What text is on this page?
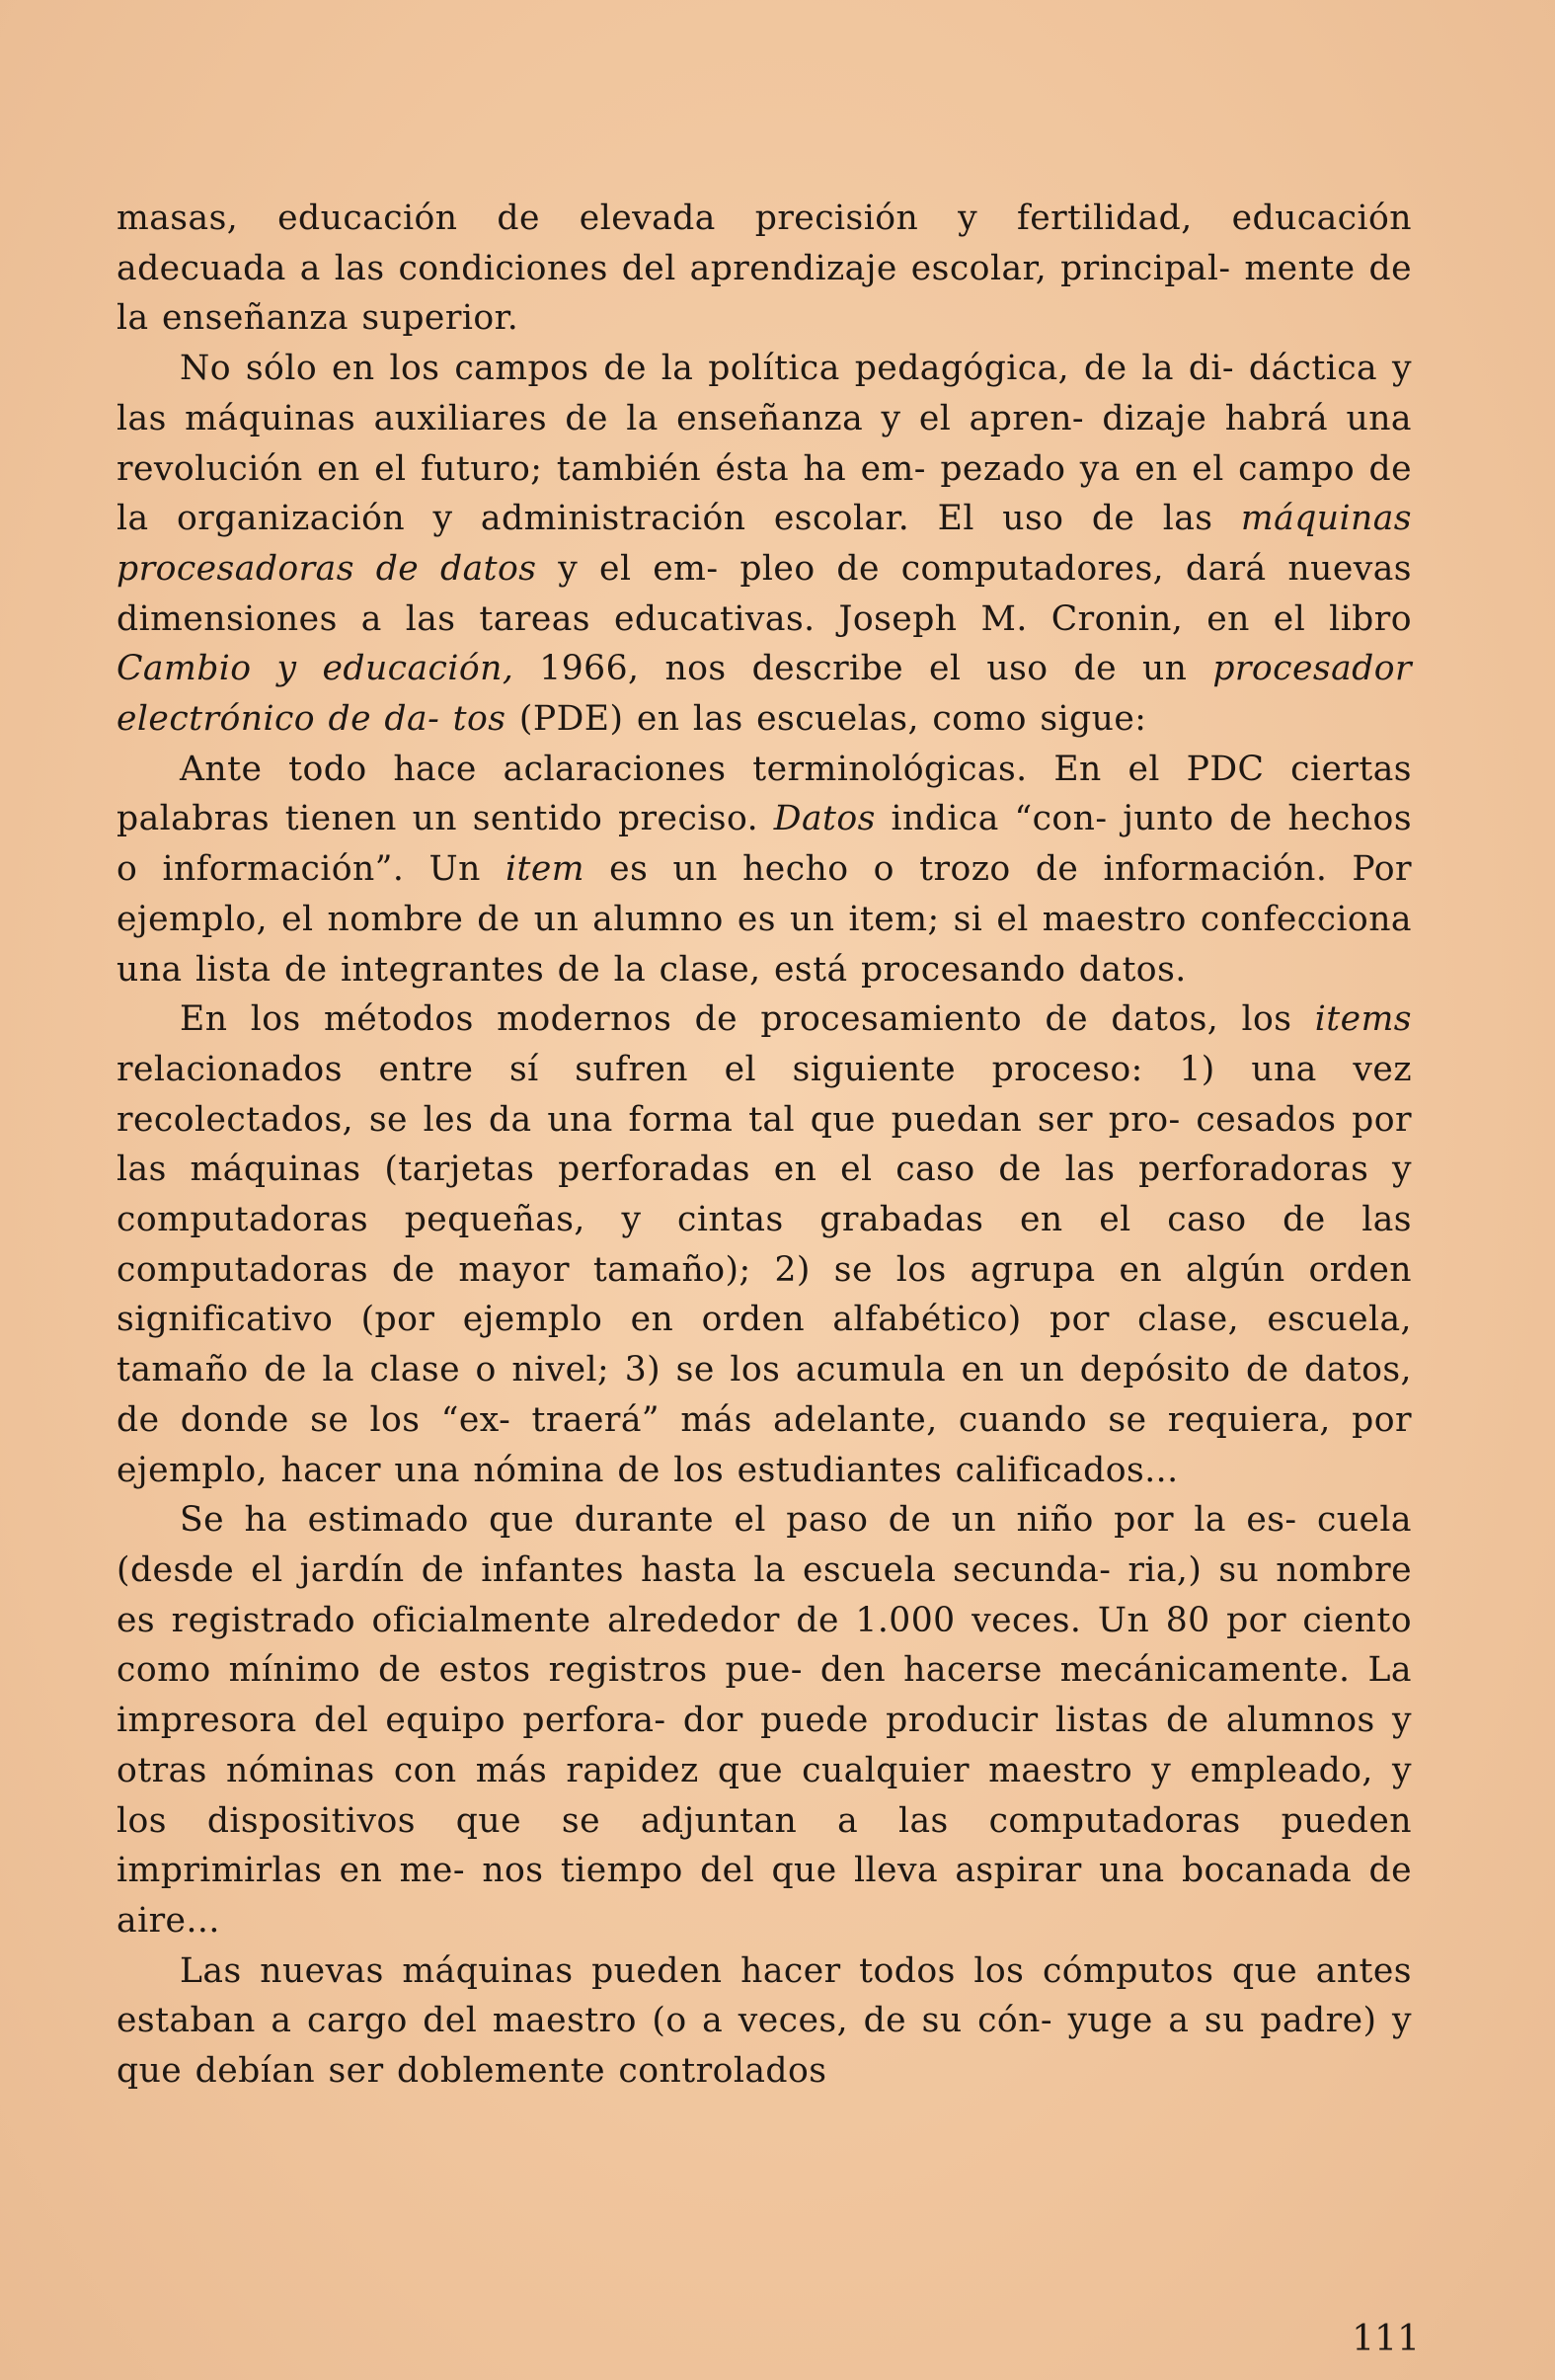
masas, educación de elevada precisión y fertilidad, educación adecuada a las condiciones del aprendizaje escolar, principal- mente de la enseñanza superior.

No sólo en los campos de la política pedagógica, de la di- dáctica y las máquinas auxiliares de la enseñanza y el apren- dizaje habrá una revolución en el futuro; también ésta ha em- pezado ya en el campo de la organización y administración escolar. El uso de las máquinas procesadoras de datos y el em- pleo de computadores, dará nuevas dimensiones a las tareas educativas. Joseph M. Cronin, en el libro Cambio y educación, 1966, nos describe el uso de un procesador electrónico de da- tos (PDE) en las escuelas, como sigue:

Ante todo hace aclaraciones terminológicas. En el PDC ciertas palabras tienen un sentido preciso. Datos indica “con- junto de hechos o información”. Un item es un hecho o trozo de información. Por ejemplo, el nombre de un alumno es un item; si el maestro confecciona una lista de integrantes de la clase, está procesando datos.

En los métodos modernos de procesamiento de datos, los items relacionados entre sí sufren el siguiente proceso: 1) una vez recolectados, se les da una forma tal que puedan ser pro- cesados por las máquinas (tarjetas perforadas en el caso de las perforadoras y computadoras pequeñas, y cintas grabadas en el caso de las computadoras de mayor tamaño); 2) se los agrupa en algún orden significativo (por ejemplo en orden alfabético) por clase, escuela, tamaño de la clase o nivel; 3) se los acumula en un depósito de datos, de donde se los “ex- traerá” más adelante, cuando se requiera, por ejemplo, hacer una nómina de los estudiantes calificados...

Se ha estimado que durante el paso de un niño por la es- cuela (desde el jardín de infantes hasta la escuela secunda- ria,) su nombre es registrado oficialmente alrededor de 1.000 veces. Un 80 por ciento como mínimo de estos registros pue- den hacerse mecánicamente. La impresora del equipo perfora- dor puede producir listas de alumnos y otras nóminas con más rapidez que cualquier maestro y empleado, y los dispositivos que se adjuntan a las computadoras pueden imprimirlas en me- nos tiempo del que lleva aspirar una bocanada de aire...

Las nuevas máquinas pueden hacer todos los cómputos que antes estaban a cargo del maestro (o a veces, de su cón- yuge a su padre) y que debían ser doblemente controlados

111
